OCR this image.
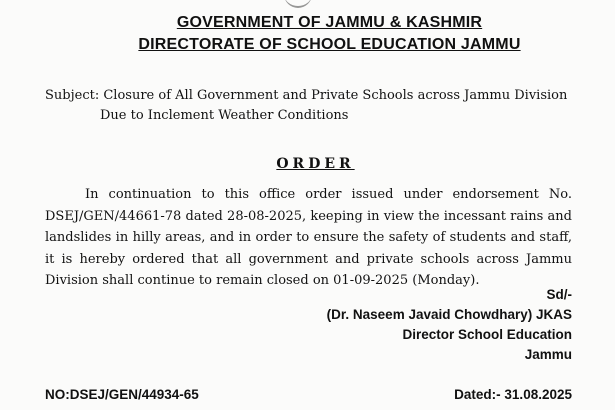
GOVERNMENT OF JAMMU & KASHMIR
DIRECTORATE OF SCHOOL EDUCATION JAMMU
Subject: Closure of All Government and Private Schools across Jammu Division
Due to Inclement Weather Conditions
ORDER
In continuation to this office order issued under endorsement No. DSEJ/GEN/44661-78 dated 28-08-2025, keeping in view the incessant rains and landslides in hilly areas, and in order to ensure the safety of students and staff, it is hereby ordered that all government and private schools across Jammu Division shall continue to remain closed on 01-09-2025 (Monday).
Sd/-
(Dr. Naseem Javaid Chowdhary) JKAS
Director School Education
Jammu
NO:DSEJ/GEN/44934-65	Dated:- 31.08.2025
